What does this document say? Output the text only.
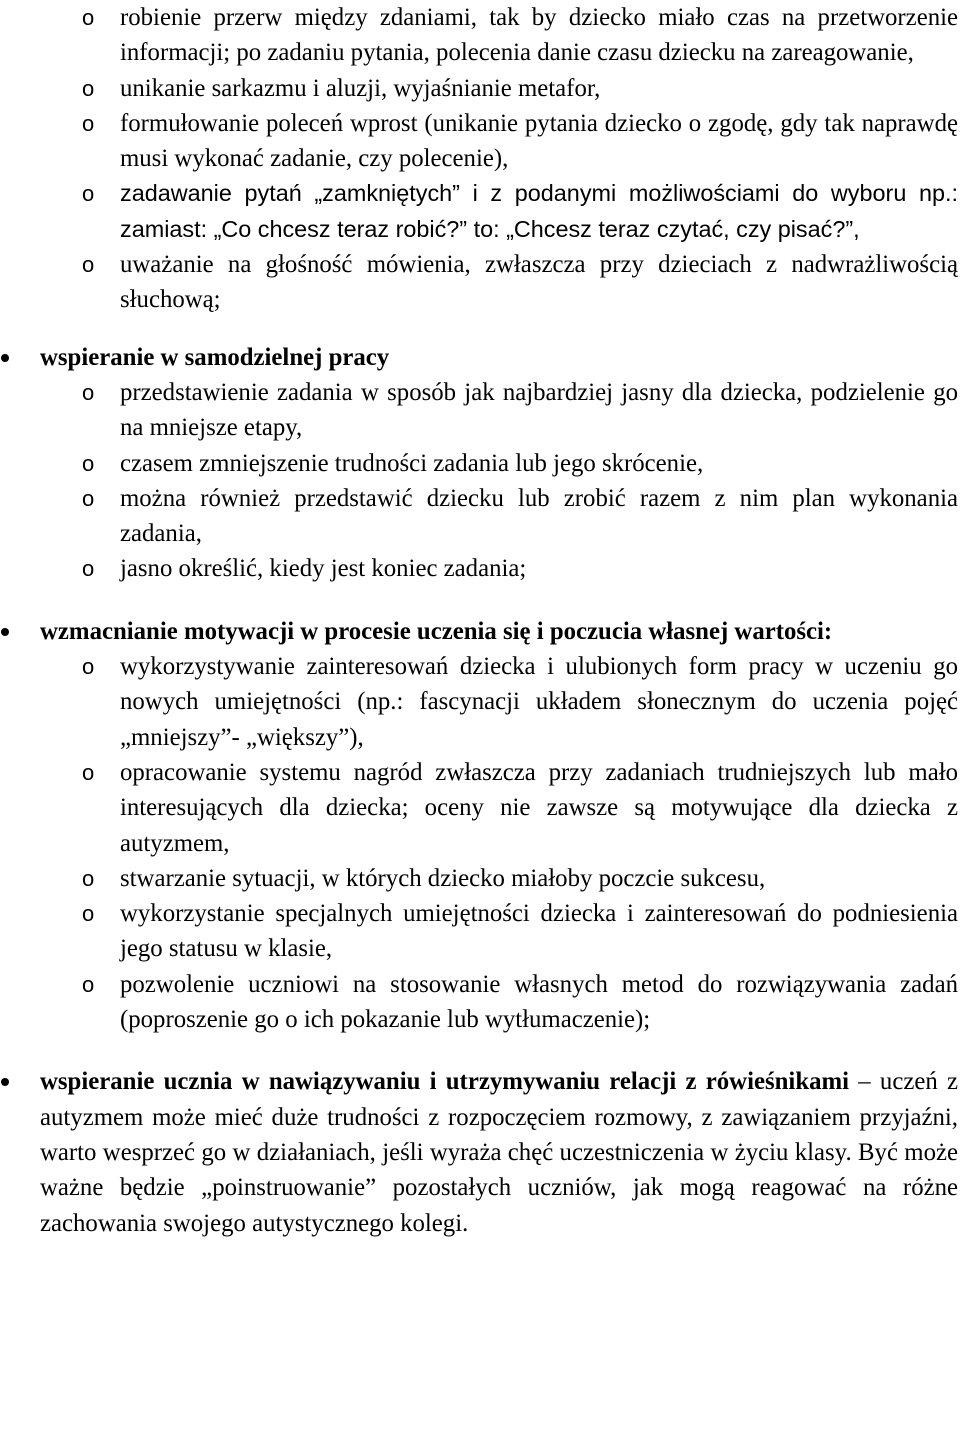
o robienie przerw między zdaniami, tak by dziecko miało czas na przetworzenie informacji; po zadaniu pytania, polecenia danie czasu dziecku na zareagowanie,
o unikanie sarkazmu i aluzji, wyjaśnianie metafor,
o formułowanie poleceń wprost (unikanie pytania dziecko o zgodę, gdy tak naprawdę musi wykonać zadanie, czy polecenie),
o zadawanie pytań „zamkniętych” i z podanymi możliwościami do wyboru np.: zamiast: „Co chcesz teraz robić?” to: „Chcesz teraz czytać, czy pisać?”,
o uważanie na głośność mówienia, zwłaszcza przy dzieciach z nadwrażliwością słuchową;
wspieranie w samodzielnej pracy
o przedstawienie zadania w sposób jak najbardziej jasny dla dziecka, podzielenie go na mniejsze etapy,
o czasem zmniejszenie trudności zadania lub jego skrócenie,
o można również przedstawić dziecku lub zrobić razem z nim plan wykonania zadania,
o jasno określić, kiedy jest koniec zadania;
wzmacnianie motywacji w procesie uczenia się i poczucia własnej wartości:
o wykorzystywanie zainteresowań dziecka i ulubionych form pracy w uczeniu go nowych umiejętności (np.: fascynacji układem słonecznym do uczenia pojęć „mniejszy”- „większy”),
o opracowanie systemu nagród zwłaszcza przy zadaniach trudniejszych lub mało interesujących dla dziecka; oceny nie zawsze są motywujące dla dziecka z autyzmem,
o stwarzanie sytuacji, w których dziecko miałoby poczcie sukcesu,
o wykorzystanie specjalnych umiejętności dziecka i zainteresowań do podniesienia jego statusu w klasie,
o pozwolenie uczniowi na stosowanie własnych metod do rozwiązywania zadań (poproszenie go o ich pokazanie lub wytłumaczenie);
wspieranie ucznia w nawiązywaniu i utrzymywaniu relacji z rówieśnikami – uczeń z autyzmem może mieć duże trudności z rozpoczęciem rozmowy, z zawiązaniem przyjaźni, warto wesprzeć go w działaniach, jeśli wyraża chęć uczestniczenia w życiu klasy. Być może ważne będzie „poinstruowanie” pozostałych uczniów, jak mogą reagować na różne zachowania swojego autystycznego kolegi.
